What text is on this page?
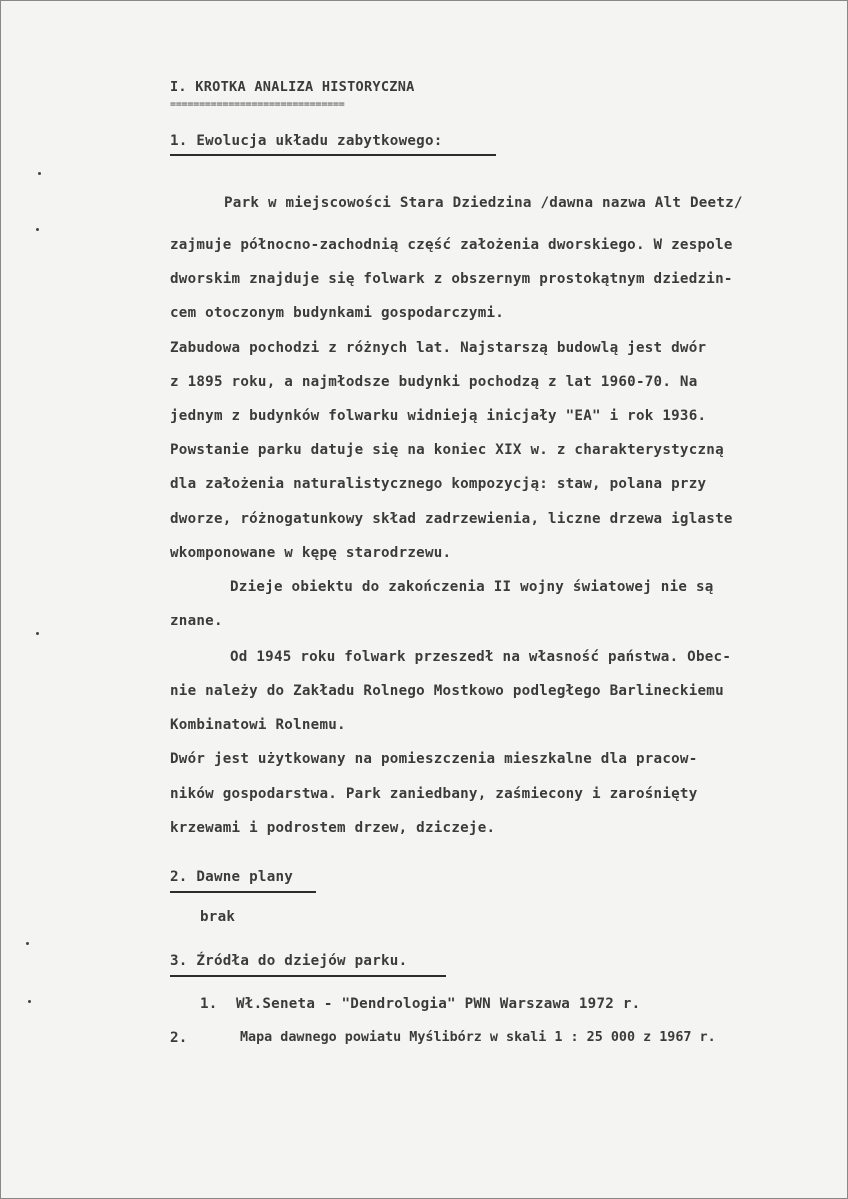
I. KROTKA ANALIZA HISTORYCZNA
==============================
1. Ewolucja układu zabytkowego:
Park w miejscowości Stara Dziedzina /dawna nazwa Alt Deetz/
zajmuje północno-zachodnią część założenia dworskiego. W zespole
dworskim znajduje się folwark z obszernym prostokątnym dziedzin-
cem otoczonym budynkami gospodarczymi.
Zabudowa pochodzi z różnych lat. Najstarszą budowlą jest dwór
z 1895 roku, a najmłodsze budynki pochodzą z lat 1960-70. Na
jednym z budynków folwarku widnieją inicjały "EA" i rok 1936.
Powstanie parku datuje się na koniec XIX w. z charakterystyczną
dla założenia naturalistycznego kompozycją: staw, polana przy
dworze, różnogatunkowy skład zadrzewienia, liczne drzewa iglaste
wkomponowane w kępę starodrzewu.
Dzieje obiektu do zakończenia II wojny światowej nie są
znane.
Od 1945 roku folwark przeszedł na własność państwa. Obec-
nie należy do Zakładu Rolnego Mostkowo podległego Barlineckiemu
Kombinatowi Rolnemu.
Dwór jest użytkowany na pomieszczenia mieszkalne dla pracow-
ników gospodarstwa. Park zaniedbany, zaśmiecony i zarośnięty
krzewami i podrostem drzew, dziczeje.
2. Dawne plany
brak
3. Źródła do dziejów parku.
1. Wł.Seneta - "Dendrologia" PWN Warszawa 1972 r.
2.	Mapa dawnego powiatu Myślibórz w skali 1 : 25 000 z 1967 r.
